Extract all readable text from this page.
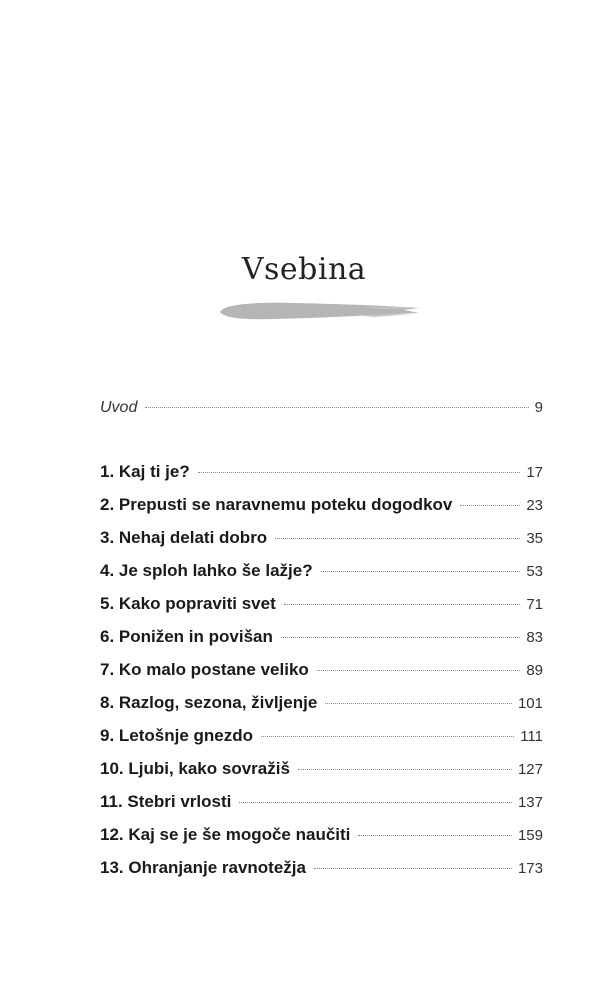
Vsebina
Uvod	9
1. Kaj ti je?	17
2. Prepusti se naravnemu poteku dogodkov	23
3. Nehaj delati dobro	35
4. Je sploh lahko še lažje?	53
5. Kako popraviti svet	71
6. Ponižen in povišan	83
7. Ko malo postane veliko	89
8. Razlog, sezona, življenje	101
9. Letošnje gnezdo	111
10. Ljubi, kako sovražiš	127
11. Stebri vrlosti	137
12. Kaj se je še mogoče naučiti	159
13. Ohranjanje ravnotežja	173
